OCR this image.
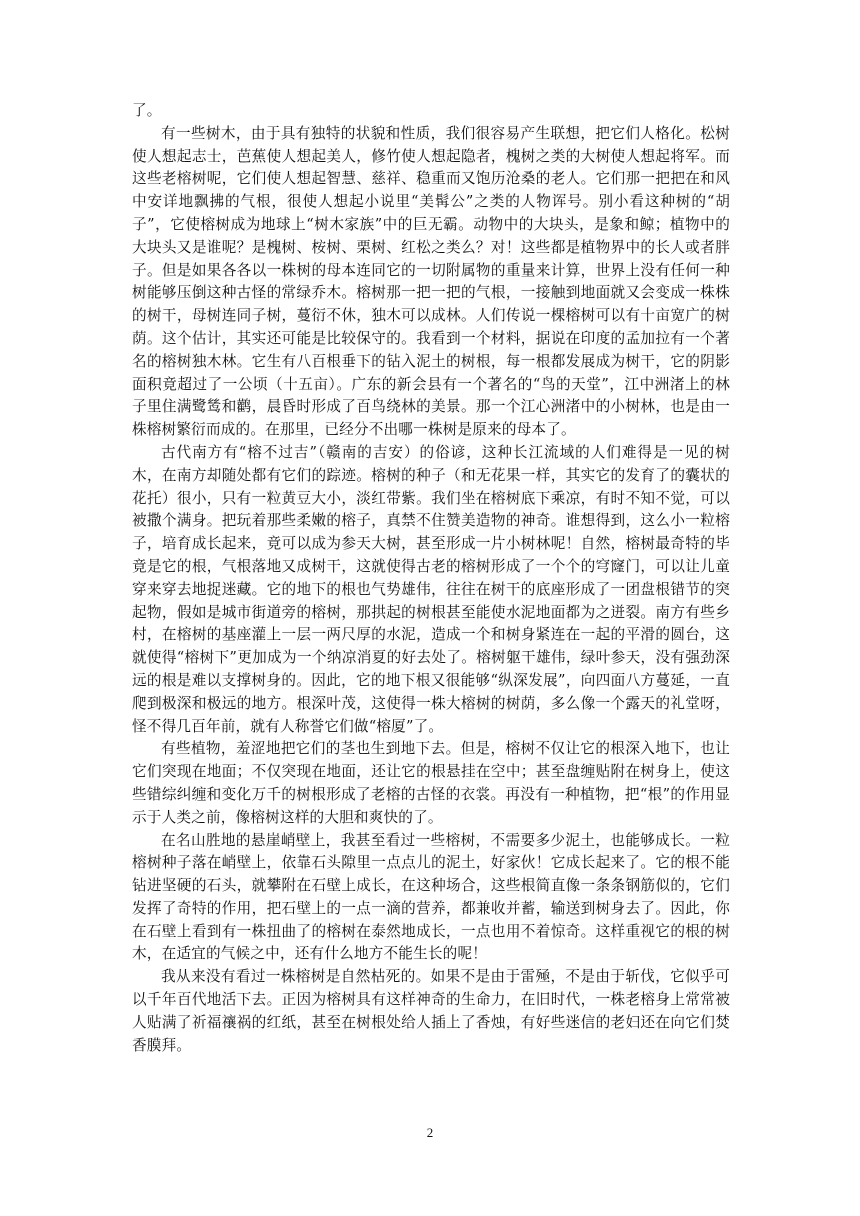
了。

有一些树木，由于具有独特的状貌和性质，我们很容易产生联想，把它们人格化。松树使人想起志士，芭蕉使人想起美人，修竹使人想起隐者，槐树之类的大树使人想起将军。而这些老榕树呢，它们使人想起智慧、慈祥、稳重而又饱历沧桑的老人。它们那一把把在和风中安详地飘拂的气根，很使人想起小说里“美髯公”之类的人物诨号。别小看这种树的“胡子”，它使榕树成为地球上“树木家族”中的巨无霸。动物中的大块头，是象和鲸；植物中的大块头又是谁呢？是槐树、桉树、栗树、红松之类么？对！这些都是植物界中的长人或者胖子。但是如果各各以一株树的母本连同它的一切附属物的重量来计算，世界上没有任何一种树能够压倒这种古怪的常绿乔木。榕树那一把一把的气根，一接触到地面就又会变成一株株的树干，母树连同子树，蔓衍不休，独木可以成林。人们传说一棵榕树可以有十亩宽广的树荫。这个估计，其实还可能是比较保守的。我看到一个材料，据说在印度的孟加拉有一个著名的榕树独木林。它生有八百根垂下的钻入泥土的树根，每一根都发展成为树干，它的阴影面积竟超过了一公顷（十五亩）。广东的新会县有一个著名的“鸟的天堂”，江中洲渚上的林子里住满鹭鸶和鹳，晨昏时形成了百鸟绕林的美景。那一个江心洲渚中的小树林，也是由一株榕树繁衍而成的。在那里，已经分不出哪一株树是原来的母本了。

古代南方有“榕不过吉”（赣南的吉安）的俗谚，这种长江流域的人们难得是一见的树木，在南方却随处都有它们的踪迹。榕树的种子（和无花果一样，其实它的发育了的囊状的花托）很小，只有一粒黄豆大小，淡红带紫。我们坐在榕树底下乘凉，有时不知不觉，可以被撒个满身。把玩着那些柔嫩的榕子，真禁不住赞美造物的神奇。谁想得到，这么小一粒榕子，培育成长起来，竟可以成为参天大树，甚至形成一片小树林呢！自然，榕树最奇特的毕竟是它的根，气根落地又成树干，这就使得古老的榕树形成了一个个的穹窿门，可以让儿童穿来穿去地捉迷藏。它的地下的根也气势雄伟，往往在树干的底座形成了一团盘根错节的突起物，假如是城市街道旁的榕树，那拱起的树根甚至能使水泥地面都为之迸裂。南方有些乡村，在榕树的基座灌上一层一两尺厚的水泥，造成一个和树身紧连在一起的平滑的圆台，这就使得“榕树下”更加成为一个纳凉消夏的好去处了。榕树躯干雄伟，绿叶参天，没有强劲深远的根是难以支撑树身的。因此，它的地下根又很能够“纵深发展”，向四面八方蔓延，一直爬到极深和极远的地方。根深叶茂，这使得一株大榕树的树荫，多么像一个露天的礼堂呀，怪不得几百年前，就有人称誉它们做“榕厦”了。

有些植物，羞涩地把它们的茎也生到地下去。但是，榕树不仅让它的根深入地下，也让它们突现在地面；不仅突现在地面，还让它的根悬挂在空中；甚至盘缠贴附在树身上，使这些错综纠缠和变化万千的树根形成了老榕的古怪的衣裳。再没有一种植物，把“根”的作用显示于人类之前，像榕树这样的大胆和爽快的了。

在名山胜地的悬崖峭壁上，我甚至看过一些榕树，不需要多少泥土，也能够成长。一粒榕树种子落在峭壁上，依靠石头隙里一点点儿的泥土，好家伙！它成长起来了。它的根不能钻进坚硬的石头，就攀附在石壁上成长，在这种场合，这些根简直像一条条钢筋似的，它们发挥了奇特的作用，把石壁上的一点一滴的营养，都兼收并蓄，输送到树身去了。因此，你在石壁上看到有一株扭曲了的榕树在泰然地成长，一点也用不着惊奇。这样重视它的根的树木，在适宜的气候之中，还有什么地方不能生长的呢！

我从来没有看过一株榕树是自然枯死的。如果不是由于雷殛，不是由于斩伐，它似乎可以千年百代地活下去。正因为榕树具有这样神奇的生命力，在旧时代，一株老榕身上常常被人贴满了祈福禳祸的红纸，甚至在树根处给人插上了香烛，有好些迷信的老妇还在向它们焚香膜拜。

2
